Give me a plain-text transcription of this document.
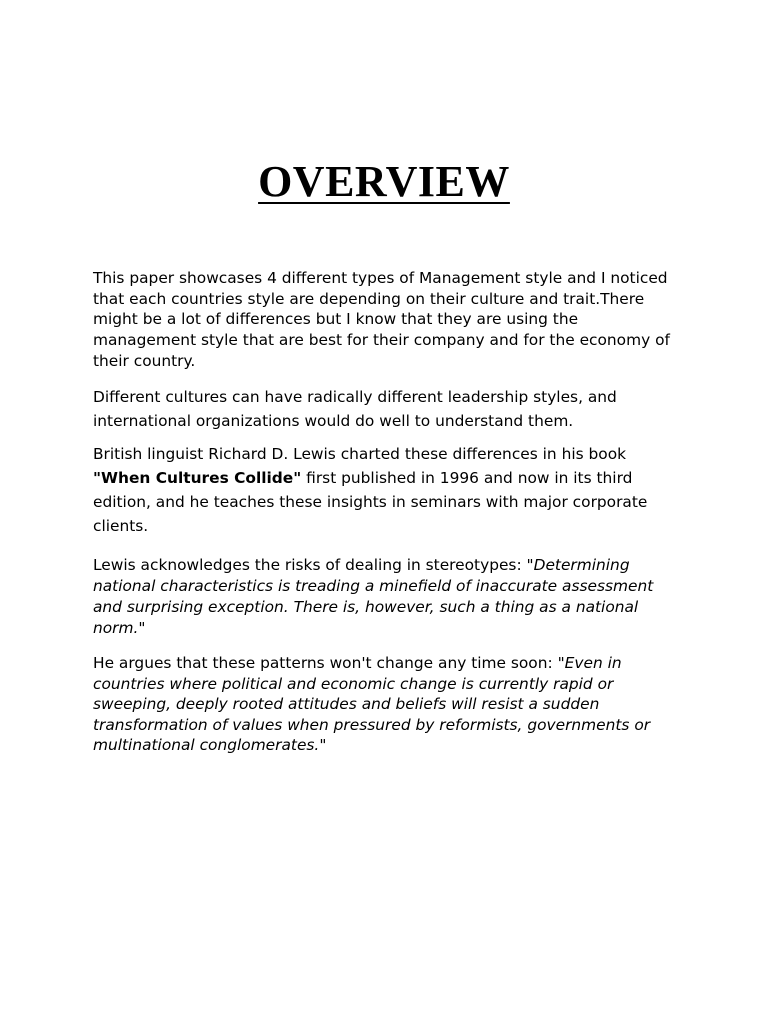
OVERVIEW

This paper showcases 4 different types of Management style and I noticed that each countries style are depending on their culture and trait.There might be a lot of differences but I know that they are using the management style that are best for their company and for the economy of their country.

Different cultures can have radically different leadership styles, and international organizations would do well to understand them.

British linguist Richard D. Lewis charted these differences in his book "When Cultures Collide" first published in 1996 and now in its third edition, and he teaches these insights in seminars with major corporate clients.

Lewis acknowledges the risks of dealing in stereotypes: "Determining national characteristics is treading a minefield of inaccurate assessment and surprising exception. There is, however, such a thing as a national norm."

He argues that these patterns won't change any time soon: "Even in countries where political and economic change is currently rapid or sweeping, deeply rooted attitudes and beliefs will resist a sudden transformation of values when pressured by reformists, governments or multinational conglomerates."
